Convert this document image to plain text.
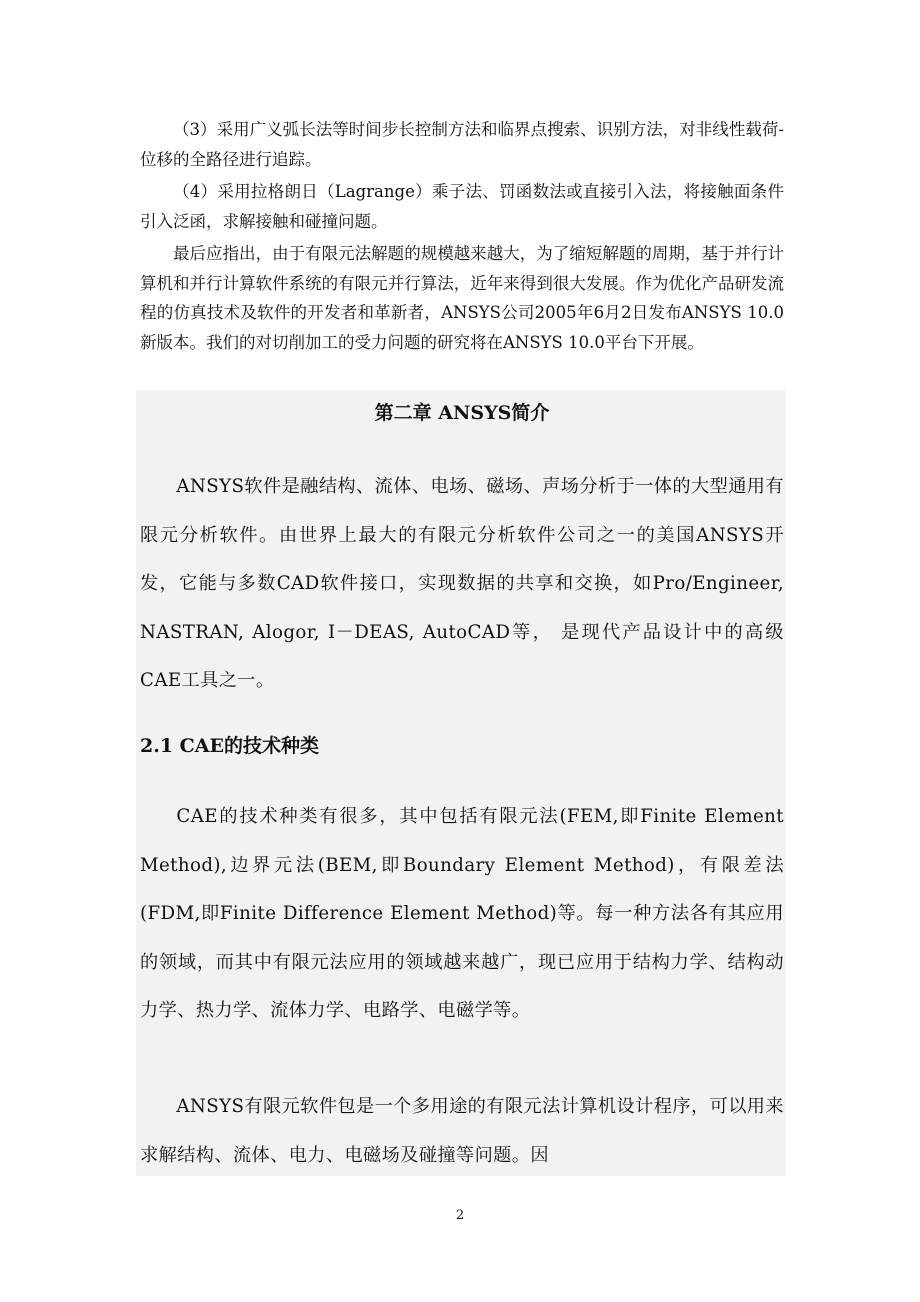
（3）采用广义弧长法等时间步长控制方法和临界点搜索、识别方法，对非线性载荷-位移的全路径进行追踪。

（4）采用拉格朗日（Lagrange）乘子法、罚函数法或直接引入法，将接触面条件引入泛函，求解接触和碰撞问题。

最后应指出，由于有限元法解题的规模越来越大，为了缩短解题的周期，基于并行计算机和并行计算软件系统的有限元并行算法，近年来得到很大发展。作为优化产品研发流程的仿真技术及软件的开发者和革新者，ANSYS公司2005年6月2日发布ANSYS 10.0新版本。我们的对切削加工的受力问题的研究将在ANSYS 10.0平台下开展。

第二章 ANSYS简介

ANSYS软件是融结构、流体、电场、磁场、声场分析于一体的大型通用有限元分析软件。由世界上最大的有限元分析软件公司之一的美国ANSYS开发，它能与多数CAD软件接口，实现数据的共享和交换，如Pro/Engineer, NASTRAN, Alogor, I－DEAS, AutoCAD等， 是现代产品设计中的高级CAE工具之一。

2.1 CAE的技术种类

CAE的技术种类有很多，其中包括有限元法(FEM,即Finite Element Method),边界元法(BEM,即Boundary Element Method)，有限差法(FDM,即Finite Difference Element Method)等。每一种方法各有其应用的领域，而其中有限元法应用的领域越来越广，现已应用于结构力学、结构动力学、热力学、流体力学、电路学、电磁学等。

ANSYS有限元软件包是一个多用途的有限元法计算机设计程序，可以用来求解结构、流体、电力、电磁场及碰撞等问题。因

2
